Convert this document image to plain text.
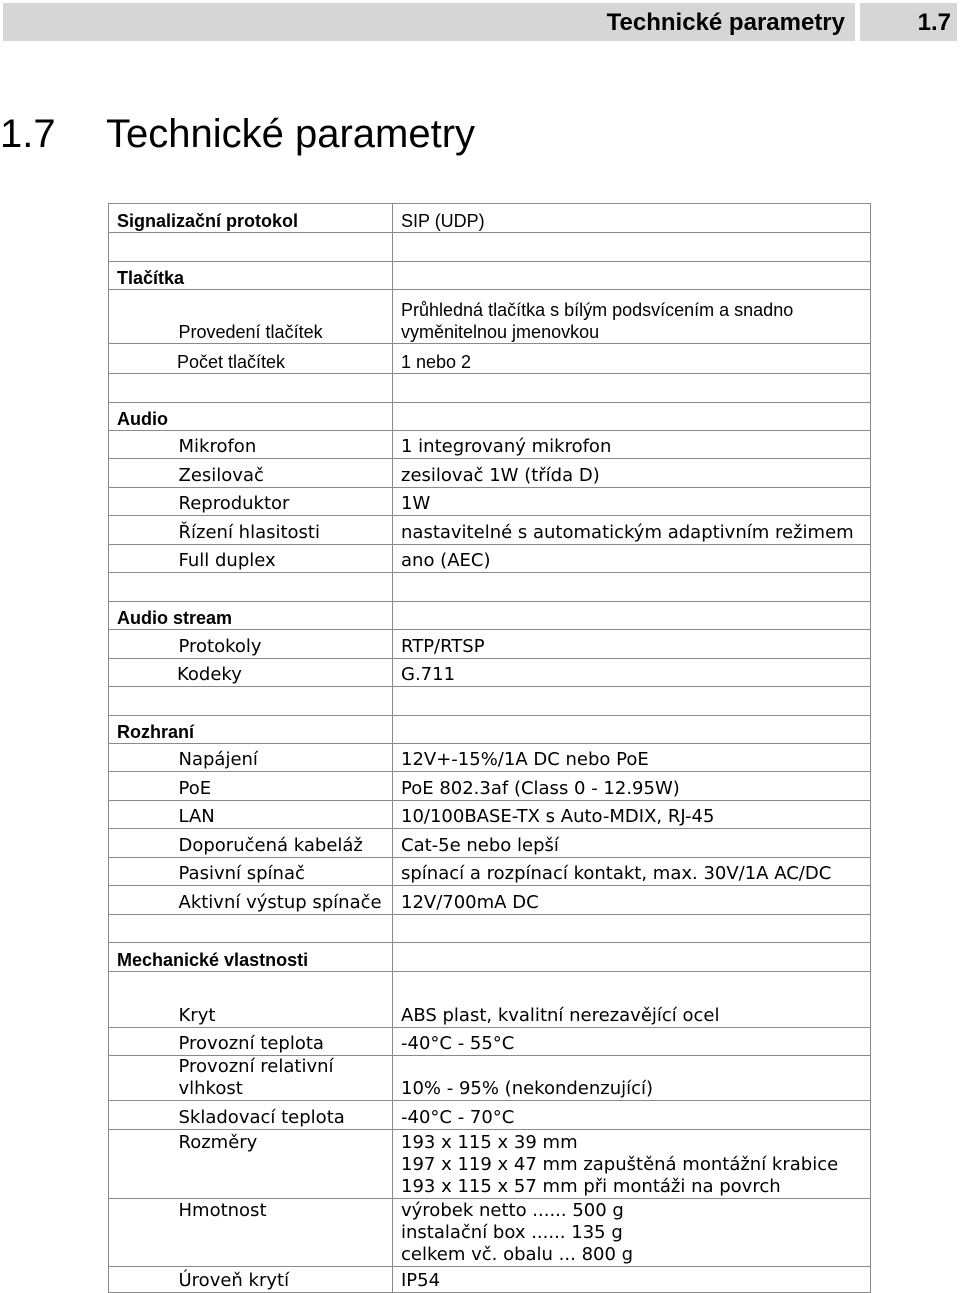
Technické parametry	1.7
1.7 Technické parametry
Signalizační protokol		SIP (UDP)

Tlačítka		
	Provedení tlačítek	Průhledná tlačítka s bílým podsvícením a snadno
vyměnitelnou jmenovkou

Počet tlačítek		1 nebo 2

Audio		
	Mikrofon	1 integrovaný mikrofon
	Zesilovač	zesilovač 1W (třída D)
	Reproduktor	1W
	Řízení hlasitosti	nastavitelné s automatickým adaptivním režimem
	Full duplex	ano (AEC)

Audio stream		
	Protokoly	RTP/RTSP
Kodeky		G.711

Rozhraní		
	Napájení	12V+-15%/1A DC nebo PoE
	PoE	PoE 802.3af (Class 0 - 12.95W)
	LAN	10/100BASE-TX s Auto-MDIX, RJ-45
	Doporučená kabeláž	Cat-5e nebo lepší
	Pasivní spínač	spínací a rozpínací kontakt, max. 30V/1A AC/DC
	Aktivní výstup spínače	12V/700mA DC

Mechanické vlastnosti		
	Kryt	ABS plast, kvalitní nerezavějící ocel
	Provozní teplota	-40°C - 55°C

	Provozní relativní
vlhkost	10% - 95% (nekondenzující)
	Skladovací teplota	-40°C - 70°C
	Rozměry	193 x 115 x 39 mm
197 x 119 x 47 mm zapuštěná montážní krabice
193 x 115 x 57 mm při montáži na povrch

	Hmotnost	výrobek netto ...... 500 g
instalační box ...... 135 g
celkem vč. obalu ... 800 g

	Úroveň krytí	IP54
